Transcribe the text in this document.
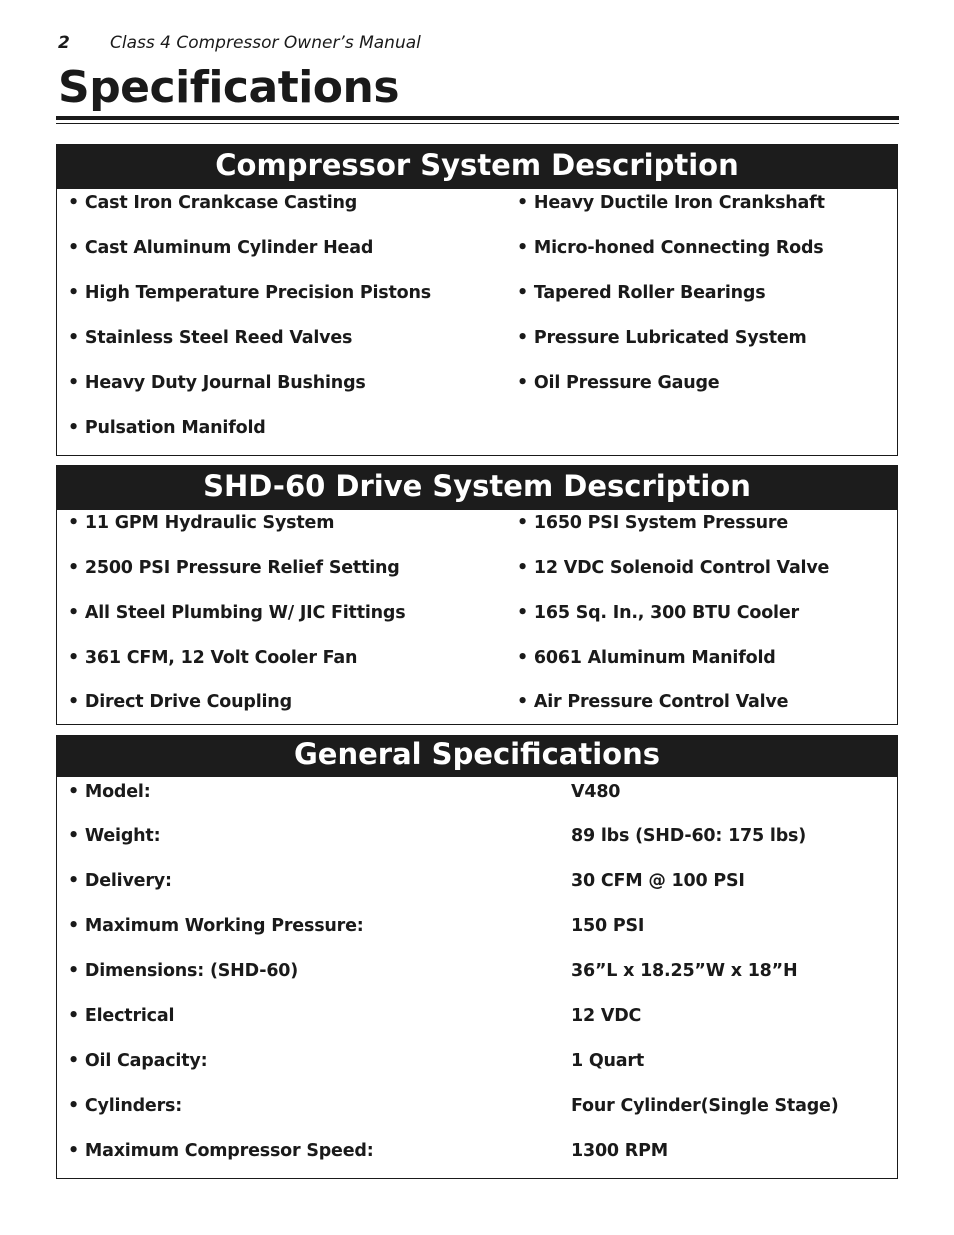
2 Class 4 Compressor Owner’s Manual
Specifications
Compressor System Description
• Cast Iron Crankcase Casting
• Cast Aluminum Cylinder Head
• High Temperature Precision Pistons
• Stainless Steel Reed Valves
• Heavy Duty Journal Bushings
• Pulsation Manifold
• Heavy Ductile Iron Crankshaft
• Micro-honed Connecting Rods
• Tapered Roller Bearings
• Pressure Lubricated System
• Oil Pressure Gauge
SHD-60 Drive System Description
• 11 GPM Hydraulic System
• 2500 PSI Pressure Relief Setting
• All Steel Plumbing W/ JIC Fittings
• 361 CFM, 12 Volt Cooler Fan
• Direct Drive Coupling
• 1650 PSI System Pressure
• 12 VDC Solenoid Control Valve
• 165 Sq. In., 300 BTU Cooler
• 6061 Aluminum Manifold
• Air Pressure Control Valve
General Specifications
• Model:
• Weight:
• Delivery:
• Maximum Working Pressure:
• Dimensions: (SHD-60)
• Electrical
• Oil Capacity:
• Cylinders:
• Maximum Compressor Speed:
V480
89 lbs (SHD-60: 175 lbs)
30 CFM @ 100 PSI
150 PSI
36”L x 18.25”W x 18”H
12 VDC
1 Quart
Four Cylinder(Single Stage)
1300 RPM
